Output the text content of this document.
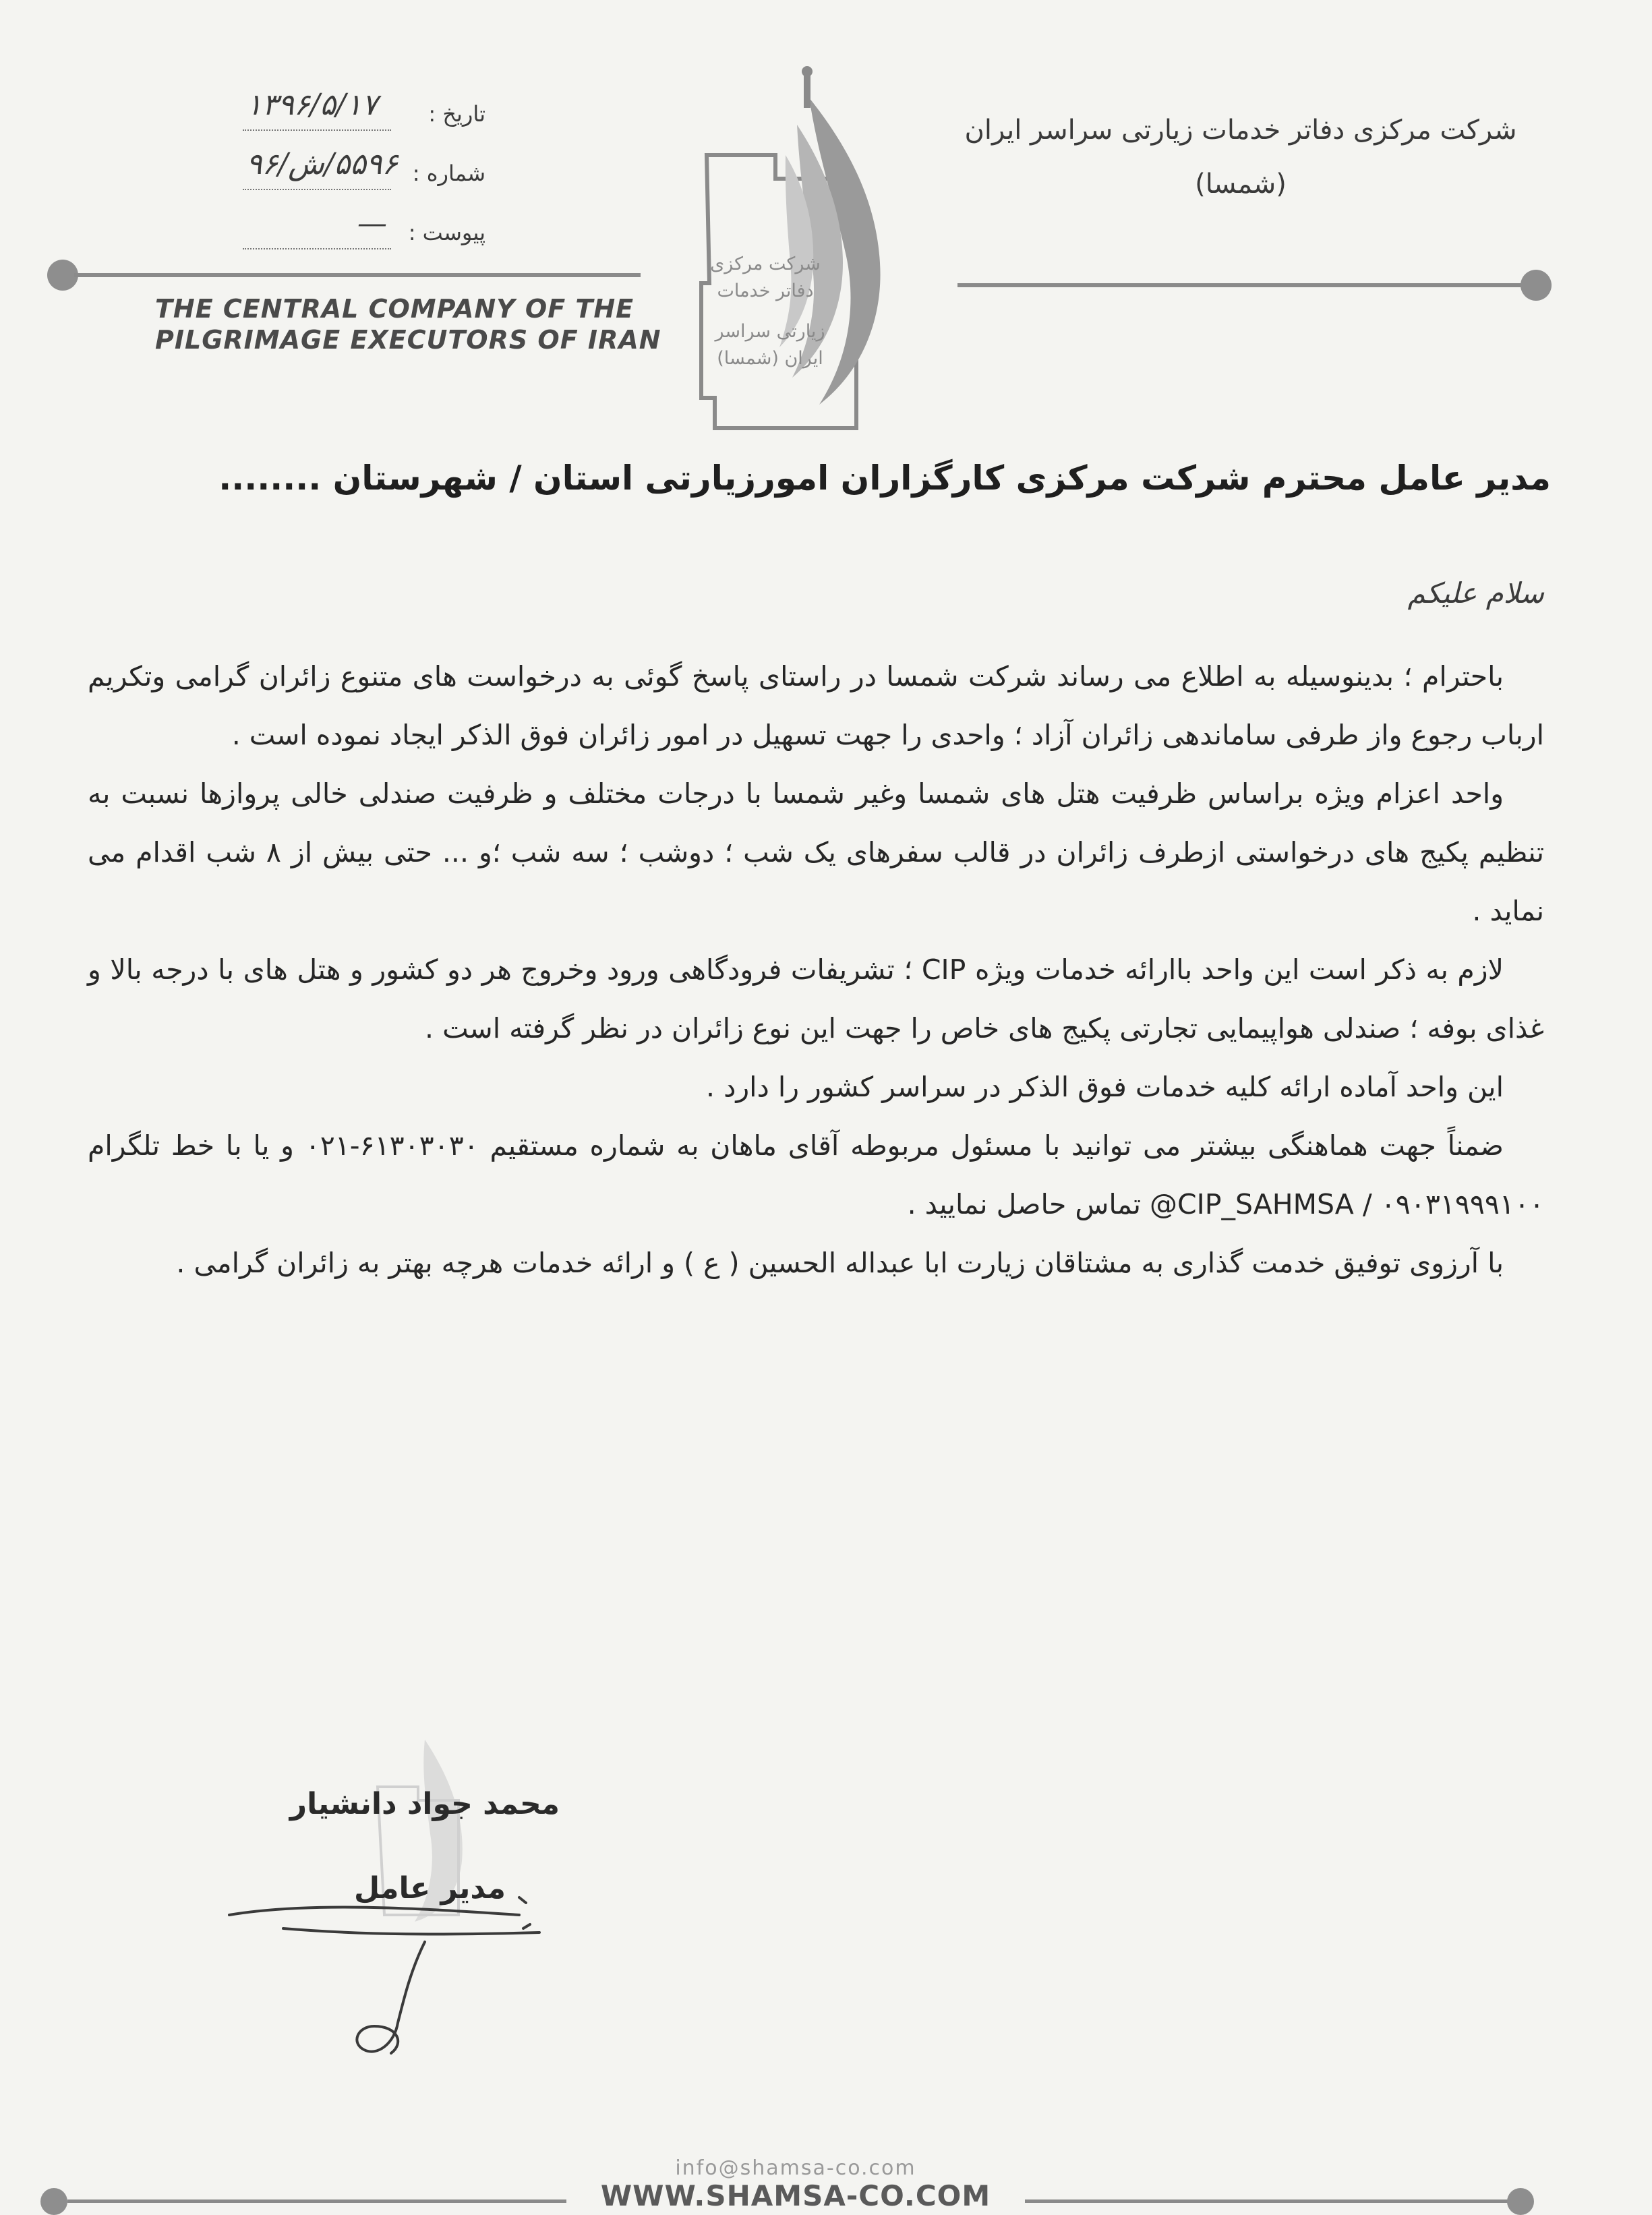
شرکت مرکزی دفاتر خدمات زیارتی سراسر ایران
(شمسا)
تاریخ :
۱۳۹۶/۵/۱۷
شماره :
۵۵۹۶/ش/۹۶
پیوست :
—
THE CENTRAL COMPANY OF THE
PILGRIMAGE EXECUTORS OF IRAN
شرکت مرکزی
دفاتر خدمات
زیارتی سراسر
ایران (شمسا)
مدیر عامل محترم شرکت مرکزی کارگزاران امورزیارتی استان / شهرستان ........
سلام علیکم

باحترام ؛ بدینوسیله به اطلاع می رساند شرکت شمسا در راستای پاسخ گوئی به درخواست های متنوع زائران گرامی وتکریم ارباب رجوع واز طرفی ساماندهی زائران آزاد ؛ واحدی را جهت تسهیل در امور زائران فوق الذکر ایجاد نموده است .

واحد اعزام ویژه براساس ظرفیت هتل های شمسا وغیر شمسا با درجات مختلف و ظرفیت صندلی خالی پروازها نسبت به تنظیم پکیج های درخواستی ازطرف زائران در قالب سفرهای یک شب ؛ دوشب ؛ سه شب ؛و ... حتی بیش از ۸ شب اقدام می نماید .

لازم به ذکر است این واحد باارائه خدمات ویژه CIP ؛ تشریفات فرودگاهی ورود وخروج هر دو کشور و هتل های با درجه بالا و غذای بوفه ؛ صندلی هواپیمایی تجارتی پکیج های خاص را جهت این نوع زائران در نظر گرفته است .

این واحد آماده ارائه کلیه خدمات فوق الذکر در سراسر کشور را دارد .

ضمناً جهت هماهنگی بیشتر می توانید با مسئول مربوطه آقای ماهان به شماره مستقیم ۶۱۳۰۳۰۳۰-۰۲۱ و یا با خط تلگرام ۰۹۰۳۱۹۹۹۱۰۰ / CIP_SAHMSA@ تماس حاصل نمایید .

با آرزوی توفیق خدمت گذاری به مشتاقان زیارت ابا عبداله الحسین ( ع ) و ارائه خدمات هرچه بهتر به زائران گرامی .

محمد جواد دانشیار
مدیر عامل
info@shamsa-co.com
WWW.SHAMSA-CO.COM
